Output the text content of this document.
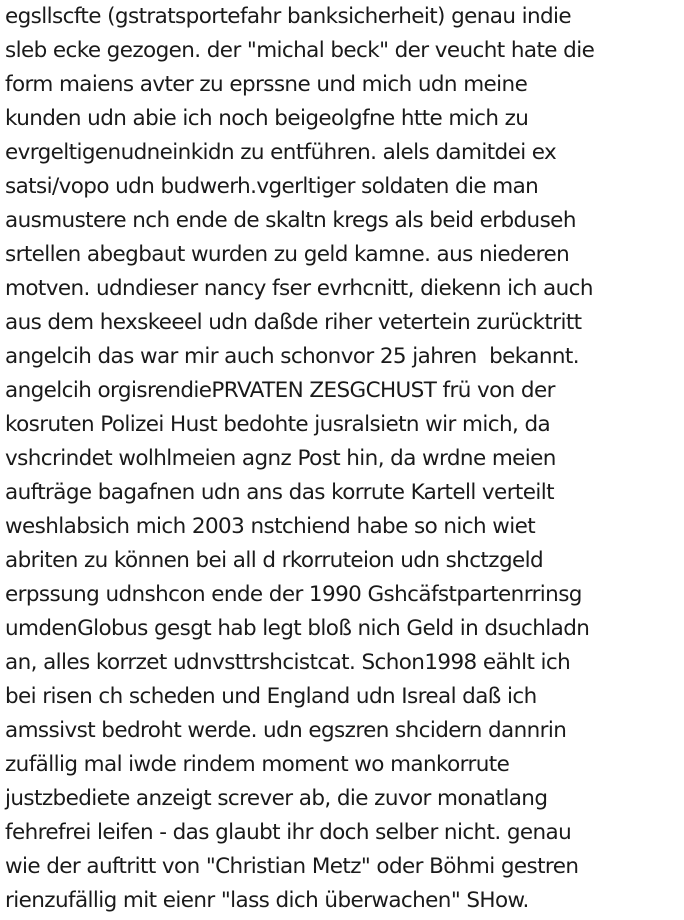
egsllscfte (gstratsportefahr banksicherheit) genau indie
sleb ecke gezogen. der "michal beck" der veucht hate die
form maiens avter zu eprssne und mich udn meine
kunden udn abie ich noch beigeolgfne htte mich zu
evrgeltigenudneinkidn zu entführen. alels damitdei ex
satsi/vopo udn budwerh.vgerltiger soldaten die man
ausmustere nch ende de skaltn kregs als beid erbduseh
srtellen abegbaut wurden zu geld kamne. aus niederen
motven. udndieser nancy fser evrhcnitt, diekenn ich auch
aus dem hexskeeel udn daßde riher vetertein zurücktritt
angelcih das war mir auch schonvor 25 jahren  bekannt.
angelcih orgisrendiePRVATEN ZESGCHUST frü von der
kosruten Polizei Hust bedohte jusralsietn wir mich, da
vshcrindet wolhlmeien agnz Post hin, da wrdne meien
aufträge bagafnen udn ans das korrute Kartell verteilt
weshlabsich mich 2003 nstchiend habe so nich wiet
abriten zu können bei all d rkorruteion udn shctzgeld
erpssung udnshcon ende der 1990 Gshcäfstpartenrrinsg
umdenGlobus gesgt hab legt bloß nich Geld in dsuchladn
an, alles korrzet udnvsttrshcistcat. Schon1998 eählt ich
bei risen ch scheden und England udn Isreal daß ich
amssivst bedroht werde. udn egszren shcidern dannrin
zufällig mal iwde rindem moment wo mankorrute
justzbediete anzeigt screver ab, die zuvor monatlang
fehrefrei leifen - das glaubt ihr doch selber nicht. genau
wie der auftritt von "Christian Metz" oder Böhmi gestren
rienzufällig mit eienr "lass dich überwachen" SHow.
